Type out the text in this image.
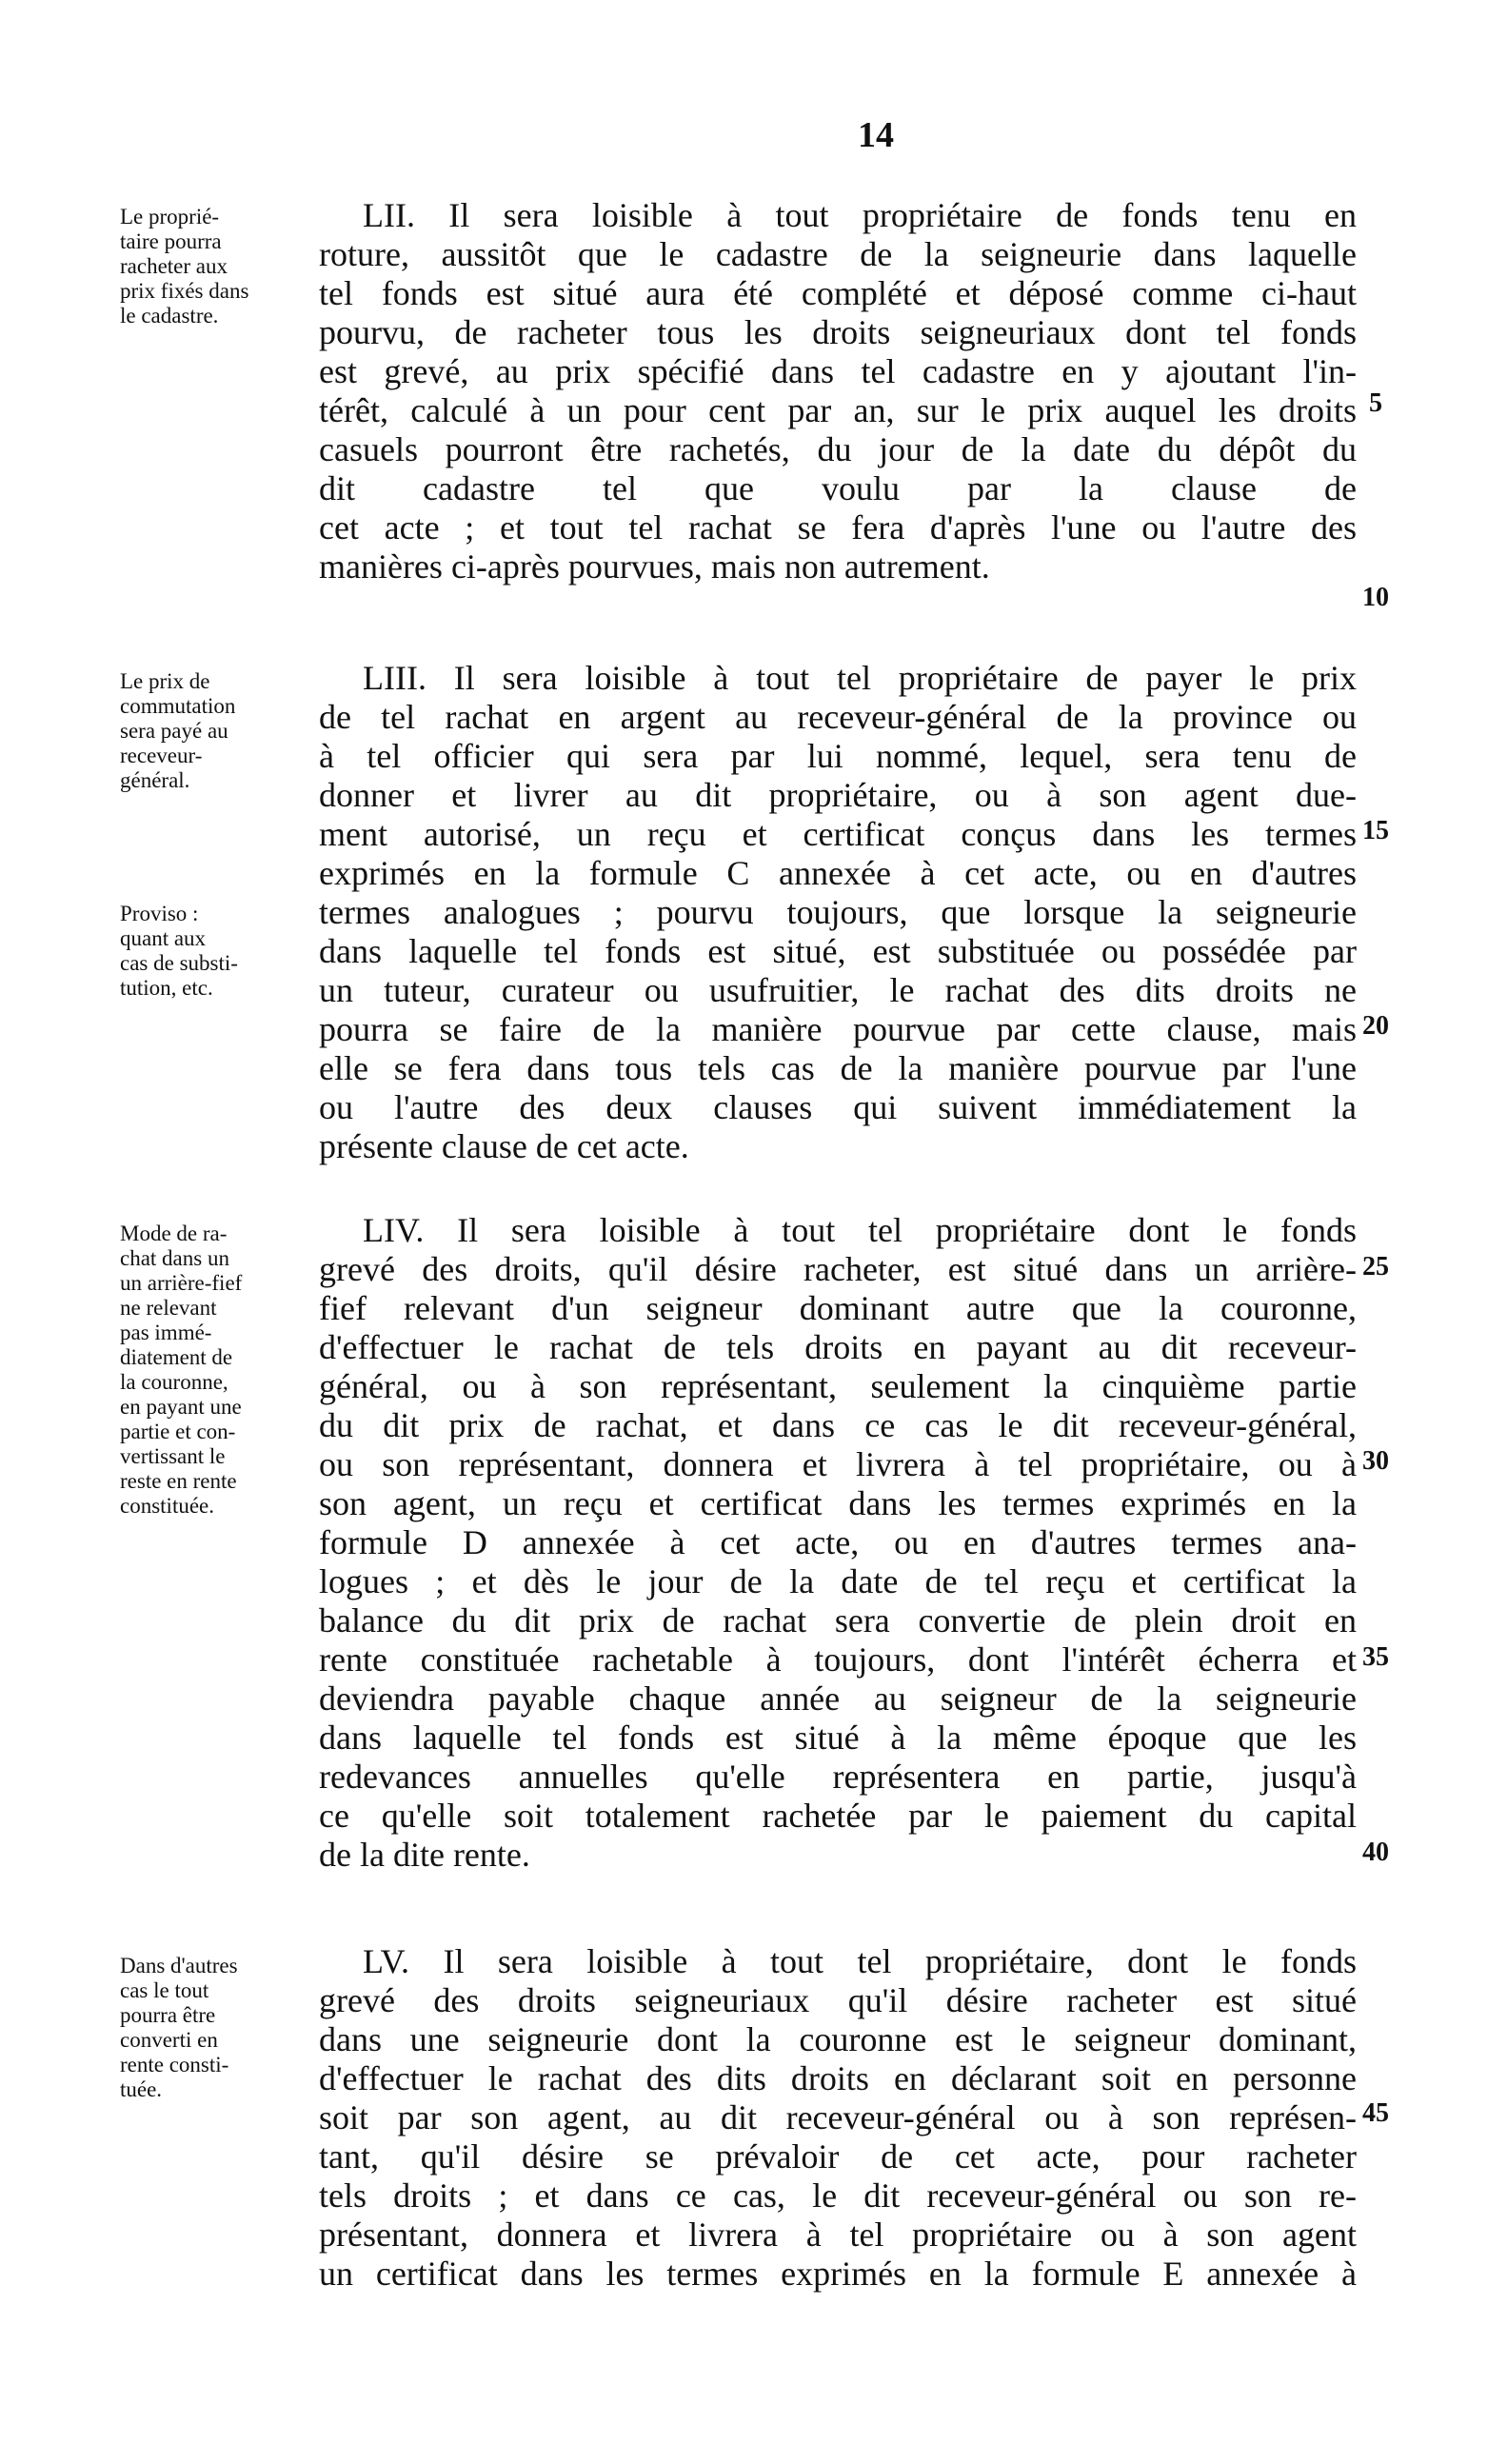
14
Le proprié-
taire pourra
racheter aux
prix fixés dans
le cadastre.
LII. Il sera loisible à tout propriétaire de fonds tenu en
roture, aussitôt que le cadastre de la seigneurie dans laquelle
tel fonds est situé aura été complété et déposé comme ci-haut
pourvu, de racheter tous les droits seigneuriaux dont tel fonds
est grevé, au prix spécifié dans tel cadastre en y ajoutant l'in-
térêt, calculé à un pour cent par an, sur le prix auquel les droits
casuels pourront être rachetés, du jour de la date du dépôt du
dit cadastre tel que voulu par la clause de
cet acte ; et tout tel rachat se fera d'après l'une ou l'autre des
manières ci-après pourvues, mais non autrement.
5
10
Le prix de
commutation
sera payé au
receveur-
général.
Proviso :
quant aux
cas de substi-
tution, etc.
LIII. Il sera loisible à tout tel propriétaire de payer le prix
de tel rachat en argent au receveur-général de la province ou
à tel officier qui sera par lui nommé, lequel, sera tenu de
donner et livrer au dit propriétaire, ou à son agent due-
ment autorisé, un reçu et certificat conçus dans les termes
exprimés en la formule C annexée à cet acte, ou en d'autres
termes analogues ; pourvu toujours, que lorsque la seigneurie
dans laquelle tel fonds est situé, est substituée ou possédée par
un tuteur, curateur ou usufruitier, le rachat des dits droits ne
pourra se faire de la manière pourvue par cette clause, mais
elle se fera dans tous tels cas de la manière pourvue par l'une
ou l'autre des deux clauses qui suivent immédiatement la
présente clause de cet acte.
15
20
Mode de ra-
chat dans un
un arrière-fief
ne relevant
pas immé-
diatement de
la couronne,
en payant une
partie et con-
vertissant le
reste en rente
constituée.
LIV. Il sera loisible à tout tel propriétaire dont le fonds
grevé des droits, qu'il désire racheter, est situé dans un arrière-
fief relevant d'un seigneur dominant autre que la couronne,
d'effectuer le rachat de tels droits en payant au dit receveur-
général, ou à son représentant, seulement la cinquième partie
du dit prix de rachat, et dans ce cas le dit receveur-général,
ou son représentant, donnera et livrera à tel propriétaire, ou à
son agent, un reçu et certificat dans les termes exprimés en la
formule D annexée à cet acte, ou en d'autres termes ana-
logues ; et dès le jour de la date de tel reçu et certificat la
balance du dit prix de rachat sera convertie de plein droit en
rente constituée rachetable à toujours, dont l'intérêt écherra et
deviendra payable chaque année au seigneur de la seigneurie
dans laquelle tel fonds est situé à la même époque que les
redevances annuelles qu'elle représentera en partie, jusqu'à
ce qu'elle soit totalement rachetée par le paiement du capital
de la dite rente.
25
30
35
40
Dans d'autres
cas le tout
pourra être
converti en
rente consti-
tuée.
LV. Il sera loisible à tout tel propriétaire, dont le fonds
grevé des droits seigneuriaux qu'il désire racheter est situé
dans une seigneurie dont la couronne est le seigneur dominant,
d'effectuer le rachat des dits droits en déclarant soit en personne
soit par son agent, au dit receveur-général ou à son représen-
tant, qu'il désire se prévaloir de cet acte, pour racheter
tels droits ; et dans ce cas, le dit receveur-général ou son re-
présentant, donnera et livrera à tel propriétaire ou à son agent
un certificat dans les termes exprimés en la formule E annexée à
45
